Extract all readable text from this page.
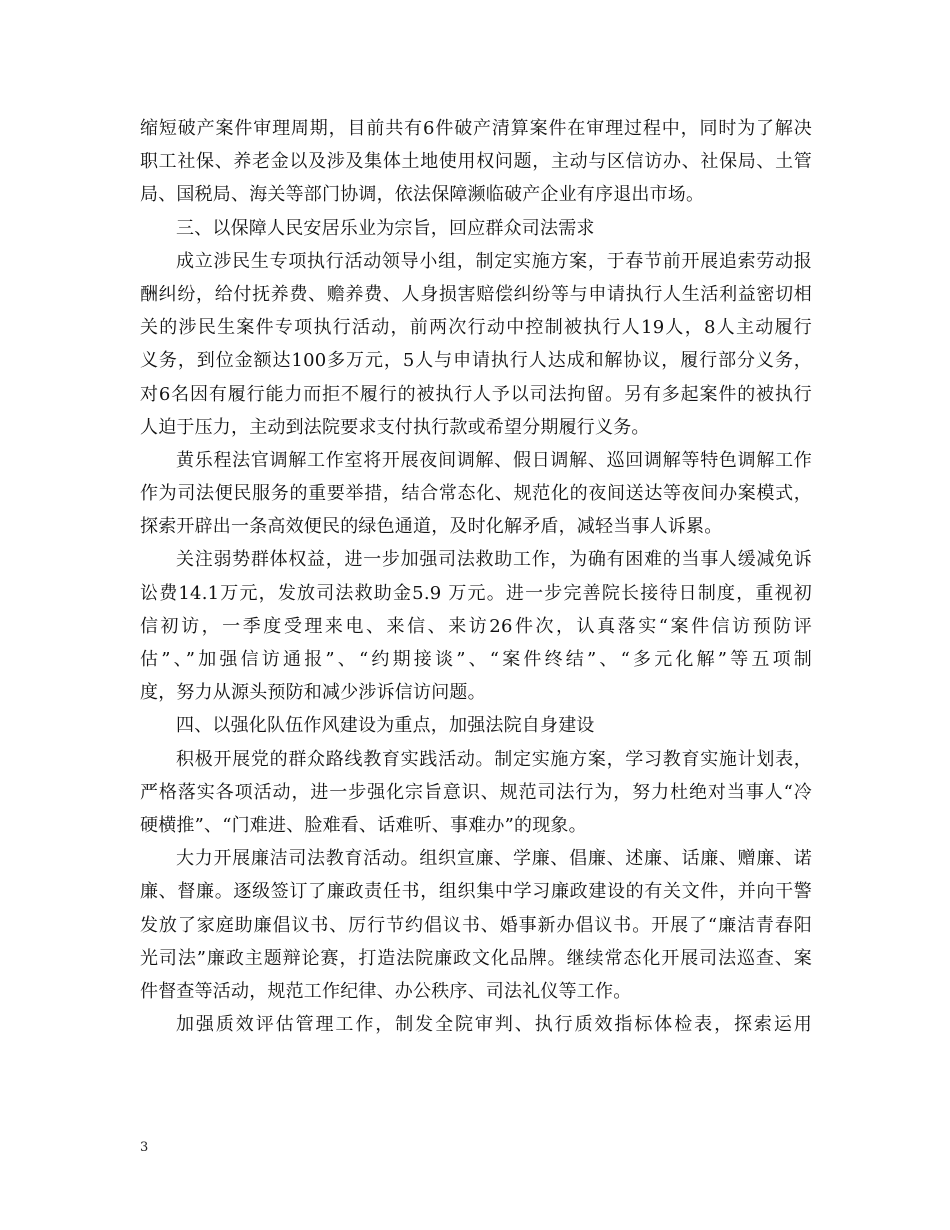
缩短破产案件审理周期，目前共有6件破产清算案件在审理过程中，同时为了解决
职工社保、养老金以及涉及集体土地使用权问题，主动与区信访办、社保局、土管
局、国税局、海关等部门协调，依法保障濒临破产企业有序退出市场。
三、以保障人民安居乐业为宗旨，回应群众司法需求
成立涉民生专项执行活动领导小组，制定实施方案，于春节前开展追索劳动报
酬纠纷，给付抚养费、赡养费、人身损害赔偿纠纷等与申请执行人生活利益密切相
关的涉民生案件专项执行活动，前两次行动中控制被执行人19人，8人主动履行
义务，到位金额达100多万元，5人与申请执行人达成和解协议，履行部分义务，
对6名因有履行能力而拒不履行的被执行人予以司法拘留。另有多起案件的被执行
人迫于压力，主动到法院要求支付执行款或希望分期履行义务。
黄乐程法官调解工作室将开展夜间调解、假日调解、巡回调解等特色调解工作
作为司法便民服务的重要举措，结合常态化、规范化的夜间送达等夜间办案模式，
探索开辟出一条高效便民的绿色通道，及时化解矛盾，减轻当事人诉累。
关注弱势群体权益，进一步加强司法救助工作，为确有困难的当事人缓减免诉
讼费14.1万元，发放司法救助金5.9 万元。进一步完善院长接待日制度，重视初
信初访，一季度受理来电、来信、来访26件次，认真落实“案件信访预防评
估”、”加强信访通报”、“约期接谈”、“案件终结”、“多元化解”等五项制
度，努力从源头预防和减少涉诉信访问题。
四、以强化队伍作风建设为重点，加强法院自身建设
积极开展党的群众路线教育实践活动。制定实施方案，学习教育实施计划表，
严格落实各项活动，进一步强化宗旨意识、规范司法行为，努力杜绝对当事人“冷
硬横推”、“门难进、脸难看、话难听、事难办”的现象。
大力开展廉洁司法教育活动。组织宣廉、学廉、倡廉、述廉、话廉、赠廉、诺
廉、督廉。逐级签订了廉政责任书，组织集中学习廉政建设的有关文件，并向干警
发放了家庭助廉倡议书、厉行节约倡议书、婚事新办倡议书。开展了“廉洁青春阳
光司法”廉政主题辩论赛，打造法院廉政文化品牌。继续常态化开展司法巡查、案
件督查等活动，规范工作纪律、办公秩序、司法礼仪等工作。
加强质效评估管理工作，制发全院审判、执行质效指标体检表，探索运用
3
